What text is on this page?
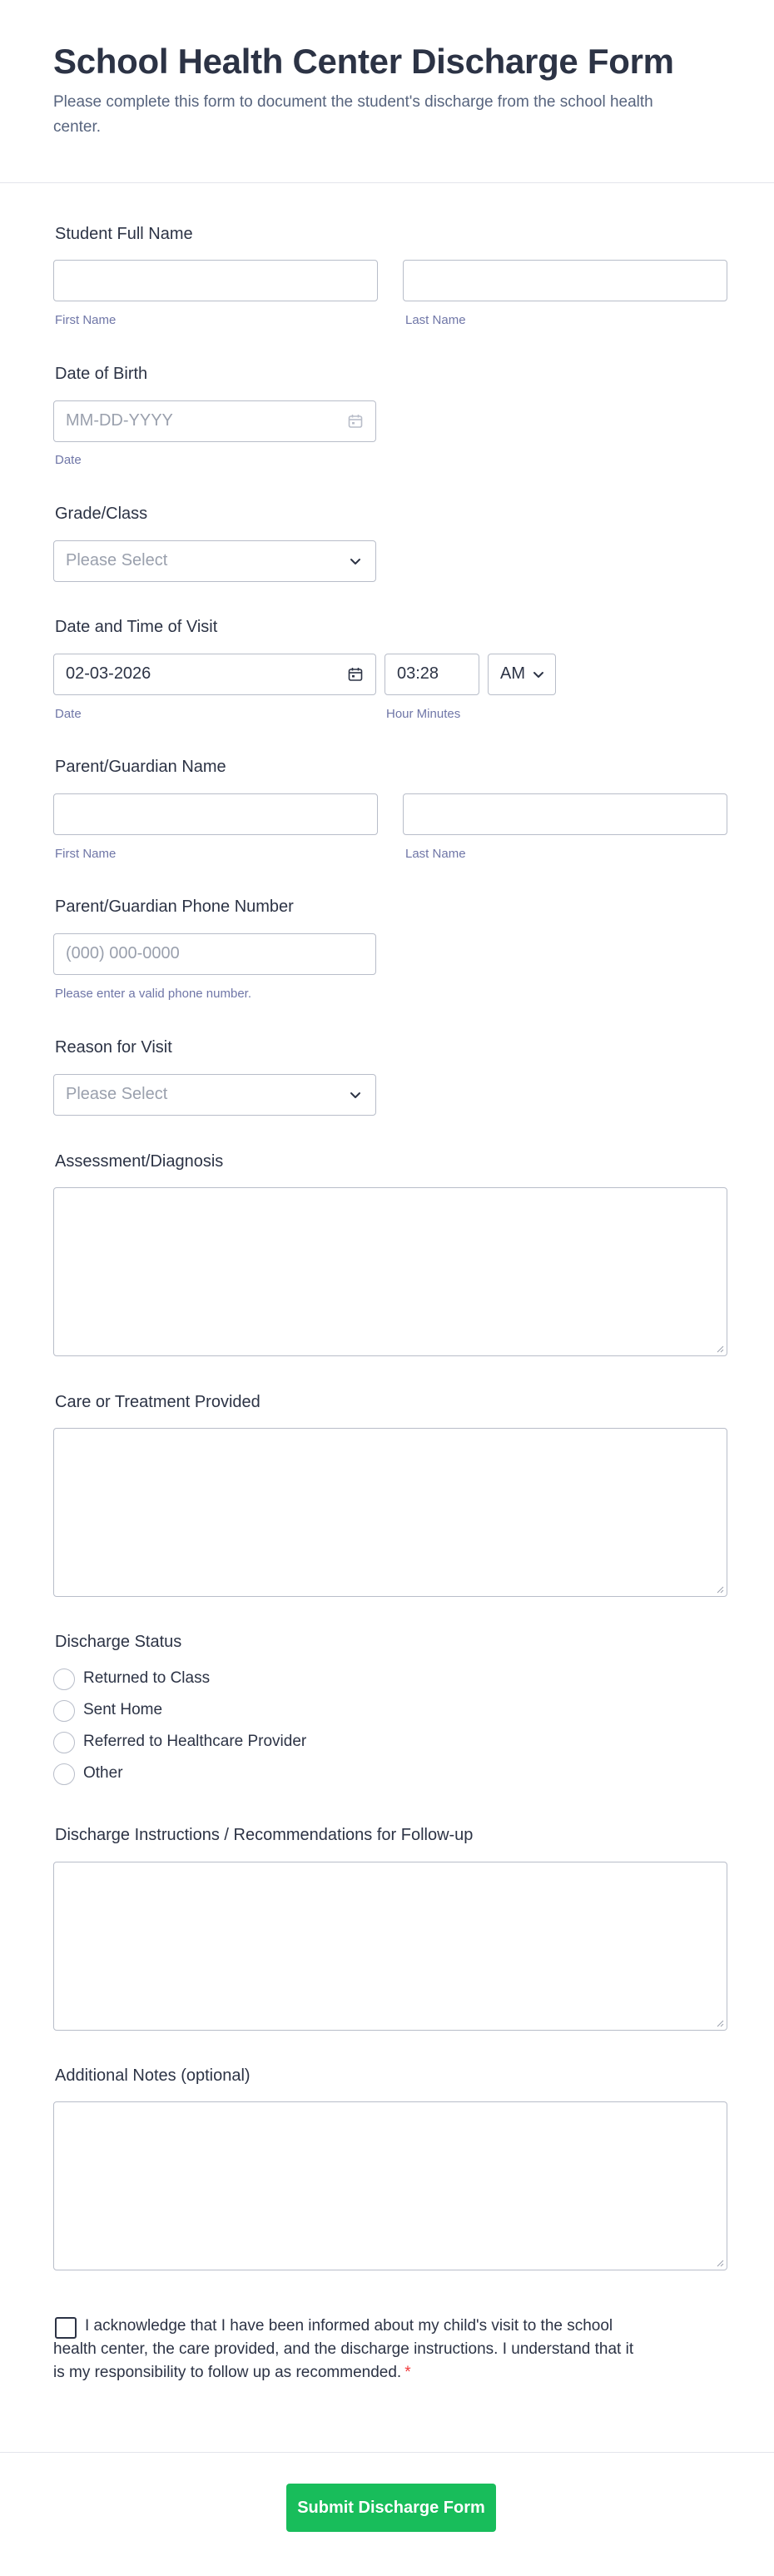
School Health Center Discharge Form
Please complete this form to document the student's discharge from the school health center.
Student Full Name
First Name	Last Name
Date of Birth
MM-DD-YYYY
Date
Grade/Class
Please Select
Date and Time of Visit
02-03-2026	03:28	AM
Date	Hour Minutes
Parent/Guardian Name
First Name	Last Name
Parent/Guardian Phone Number
(000) 000-0000
Please enter a valid phone number.
Reason for Visit
Please Select
Assessment/Diagnosis
Care or Treatment Provided
Discharge Status
Returned to Class
Sent Home
Referred to Healthcare Provider
Other
Discharge Instructions / Recommendations for Follow-up
Additional Notes (optional)
I acknowledge that I have been informed about my child's visit to the school health center, the care provided, and the discharge instructions. I understand that it is my responsibility to follow up as recommended. *
Submit Discharge Form
